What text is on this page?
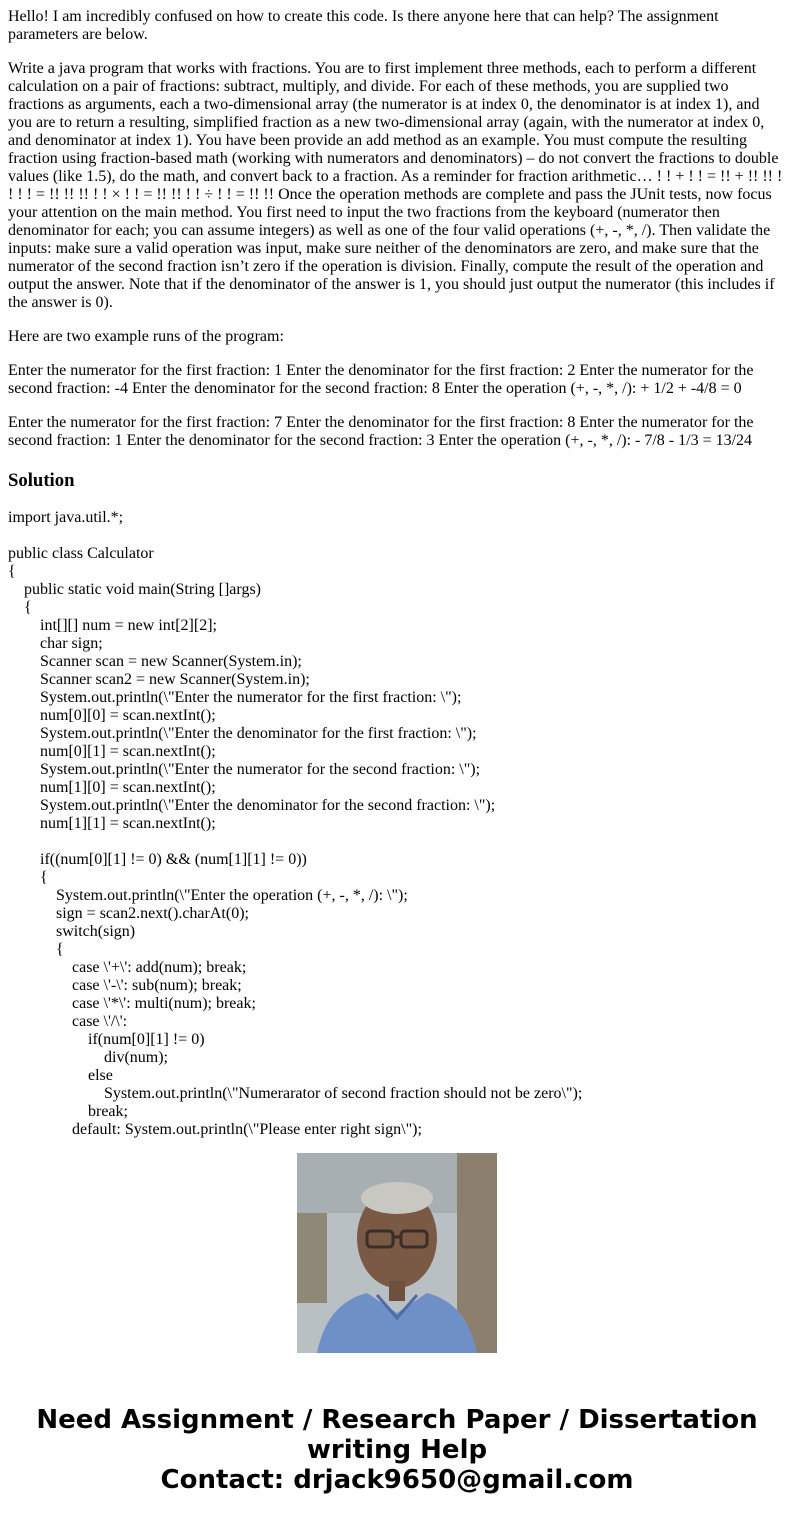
Hello! I am incredibly confused on how to create this code. Is there anyone here that can help? The assignment parameters are below.

Write a java program that works with fractions. You are to first implement three methods, each to perform a different calculation on a pair of fractions: subtract, multiply, and divide. For each of these methods, you are supplied two fractions as arguments, each a two-dimensional array (the numerator is at index 0, the denominator is at index 1), and you are to return a resulting, simplified fraction as a new two-dimensional array (again, with the numerator at index 0, and denominator at index 1). You have been provide an add method as an example. You must compute the resulting fraction using fraction-based math (working with numerators and denominators) – do not convert the fractions to double values (like 1.5), do the math, and convert back to a fraction. As a reminder for fraction arithmetic… ! ! + ! ! = !! + !! !! ! ! ! ! = !! !! !! ! ! × ! ! = !! !! ! ! ÷ ! ! = !! !! Once the operation methods are complete and pass the JUnit tests, now focus your attention on the main method. You first need to input the two fractions from the keyboard (numerator then denominator for each; you can assume integers) as well as one of the four valid operations (+, -, *, /). Then validate the inputs: make sure a valid operation was input, make sure neither of the denominators are zero, and make sure that the numerator of the second fraction isn’t zero if the operation is division. Finally, compute the result of the operation and output the answer. Note that if the denominator of the answer is 1, you should just output the numerator (this includes if the answer is 0).

Here are two example runs of the program:

Enter the numerator for the first fraction: 1 Enter the denominator for the first fraction: 2 Enter the numerator for the second fraction: -4 Enter the denominator for the second fraction: 8 Enter the operation (+, -, *, /): + 1/2 + -4/8 = 0

Enter the numerator for the first fraction: 7 Enter the denominator for the first fraction: 8 Enter the numerator for the second fraction: 1 Enter the denominator for the second fraction: 3 Enter the operation (+, -, *, /): - 7/8 - 1/3 = 13/24

Solution
import java.util.*;
public class Calculator
{
public static void main(String []args)
{
int[][] num = new int[2][2];
char sign;
Scanner scan = new Scanner(System.in);
Scanner scan2 = new Scanner(System.in);
System.out.println(\"Enter the numerator for the first fraction: \");
num[0][0] = scan.nextInt();
System.out.println(\"Enter the denominator for the first fraction: \");
num[0][1] = scan.nextInt();
System.out.println(\"Enter the numerator for the second fraction: \");
num[1][0] = scan.nextInt();
System.out.println(\"Enter the denominator for the second fraction: \");
num[1][1] = scan.nextInt();
if((num[0][1] != 0) && (num[1][1] != 0))
{
System.out.println(\"Enter the operation (+, -, *, /): \");
sign = scan2.next().charAt(0);
switch(sign)
{
case \'+\': add(num); break;
case \'-\': sub(num); break;
case \'*\': multi(num); break;
case \'/\':
if(num[0][1] != 0)
div(num);
else
System.out.println(\"Numerarator of second fraction should not be zero\");
break;
default: System.out.println(\"Please enter right sign\");
Need Assignment / Research Paper / Dissertation
writing Help
Contact: drjack9650@gmail.com
